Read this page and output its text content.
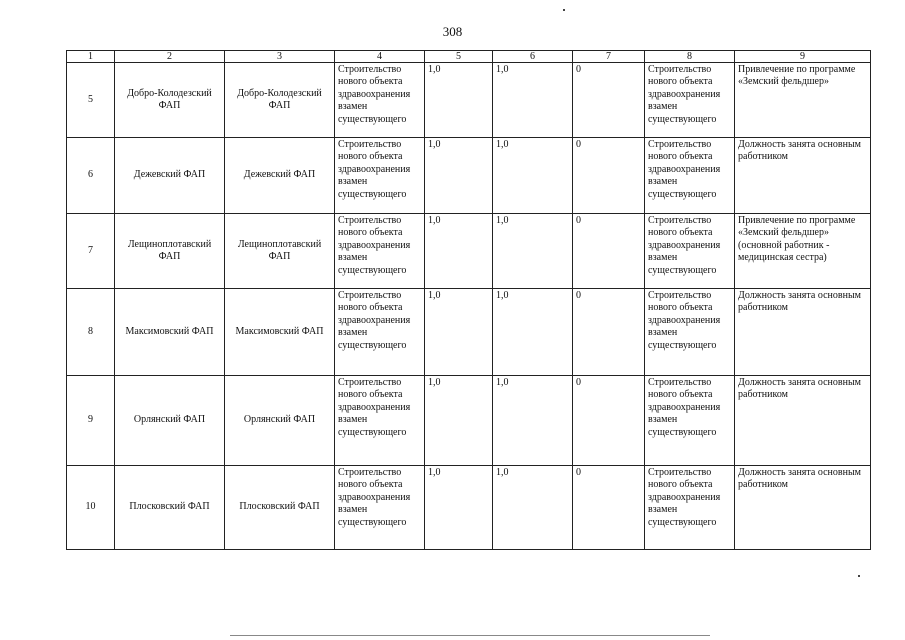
308
1	2	3	4	5	6	7	8	9
5	Добро-Колодезский ФАП	Добро-Колодезский ФАП	Строительство нового объекта здравоохранения взамен существующего	1,0	1,0	0	Строительство нового объекта здравоохранения взамен существующего	Привлечение по программе «Земский фельдшер»
6	Дежевский ФАП	Дежевский ФАП	Строительство нового объекта здравоохранения взамен существующего	1,0	1,0	0	Строительство нового объекта здравоохранения взамен существующего	Должность занята основным работником
7	Лещиноплотавский ФАП	Лещиноплотавский ФАП	Строительство нового объекта здравоохранения взамен существующего	1,0	1,0	0	Строительство нового объекта здравоохранения взамен существующего	Привлечение по программе «Земский фельдшер» (основной работник - медицинская сестра)
8	Максимовский ФАП	Максимовский ФАП	Строительство нового объекта здравоохранения взамен существующего	1,0	1,0	0	Строительство нового объекта здравоохранения взамен существующего	Должность занята основным работником
9	Орлянский ФАП	Орлянский ФАП	Строительство нового объекта здравоохранения взамен существующего	1,0	1,0	0	Строительство нового объекта здравоохранения взамен существующего	Должность занята основным работником
10	Плосковский ФАП	Плосковский ФАП	Строительство нового объекта здравоохранения взамен существующего	1,0	1,0	0	Строительство нового объекта здравоохранения взамен существующего	Должность занята основным работником
